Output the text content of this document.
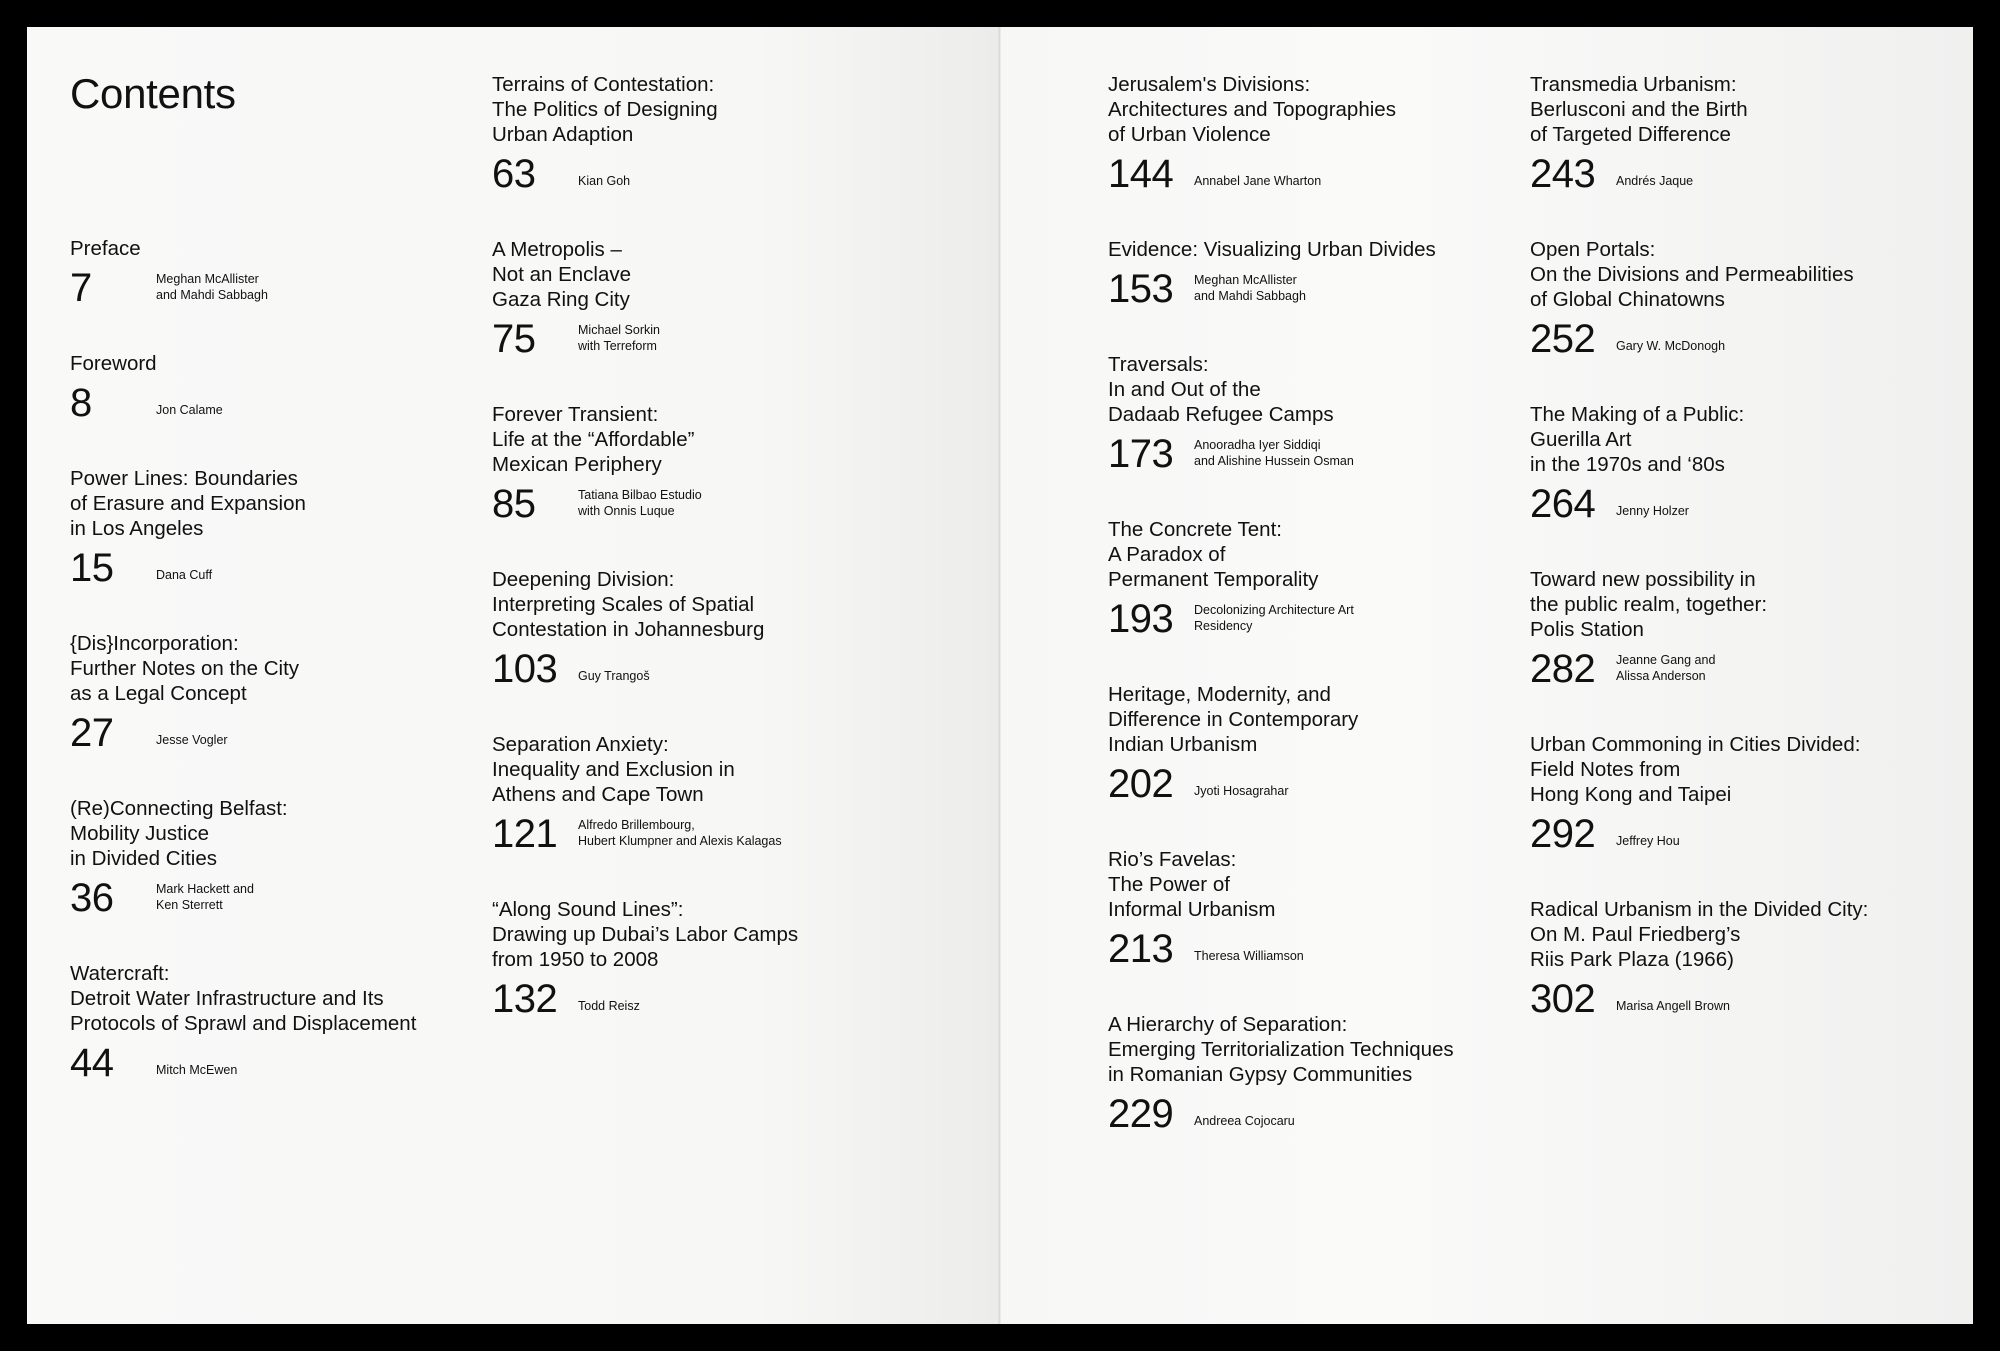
Contents
Preface
7	Meghan McAllister
and Mahdi Sabbagh
Foreword
8	Jon Calame
Power Lines: Boundaries
of Erasure and Expansion
in Los Angeles
15	Dana Cuff
{Dis}Incorporation:
Further Notes on the City
as a Legal Concept
27	Jesse Vogler
(Re)Connecting Belfast:
Mobility Justice
in Divided Cities
36	Mark Hackett and
Ken Sterrett
Watercraft:
Detroit Water Infrastructure and Its
Protocols of Sprawl and Displacement
44	Mitch McEwen
Terrains of Contestation:
The Politics of Designing
Urban Adaption
63	Kian Goh
A Metropolis –
Not an Enclave
Gaza Ring City
75	Michael Sorkin
with Terreform
Forever Transient:
Life at the “Affordable”
Mexican Periphery
85	Tatiana Bilbao Estudio
with Onnis Luque
Deepening Division:
Interpreting Scales of Spatial
Contestation in Johannesburg
103 Guy Trangoš
Separation Anxiety:
Inequality and Exclusion in
Athens and Cape Town
121 Alfredo Brillembourg,
Hubert Klumpner and Alexis Kalagas
“Along Sound Lines”:
Drawing up Dubai’s Labor Camps
from 1950 to 2008
132 Todd Reisz
Jerusalem's Divisions:
Architectures and Topographies
of Urban Violence
144 Annabel Jane Wharton
Evidence: Visualizing Urban Divides
153 Meghan McAllister
and Mahdi Sabbagh
Traversals:
In and Out of the
Dadaab Refugee Camps
173 Anooradha Iyer Siddiqi
and Alishine Hussein Osman
The Concrete Tent:
A Paradox of
Permanent Temporality
193 Decolonizing Architecture Art
Residency
Heritage, Modernity, and
Difference in Contemporary
Indian Urbanism
202 Jyoti Hosagrahar
Rio’s Favelas:
The Power of
Informal Urbanism
213 Theresa Williamson
A Hierarchy of Separation:
Emerging Territorialization Techniques
in Romanian Gypsy Communities
229 Andreea Cojocaru
Transmedia Urbanism:
Berlusconi and the Birth
of Targeted Difference
243 Andrés Jaque
Open Portals:
On the Divisions and Permeabilities
of Global Chinatowns
252 Gary W. McDonogh
The Making of a Public:
Guerilla Art
in the 1970s and ‘80s
264 Jenny Holzer
Toward new possibility in
the public realm, together:
Polis Station
282 Jeanne Gang and
Alissa Anderson
Urban Commoning in Cities Divided:
Field Notes from
Hong Kong and Taipei
292 Jeffrey Hou
Radical Urbanism in the Divided City:
On M. Paul Friedberg’s
Riis Park Plaza (1966)
302 Marisa Angell Brown
